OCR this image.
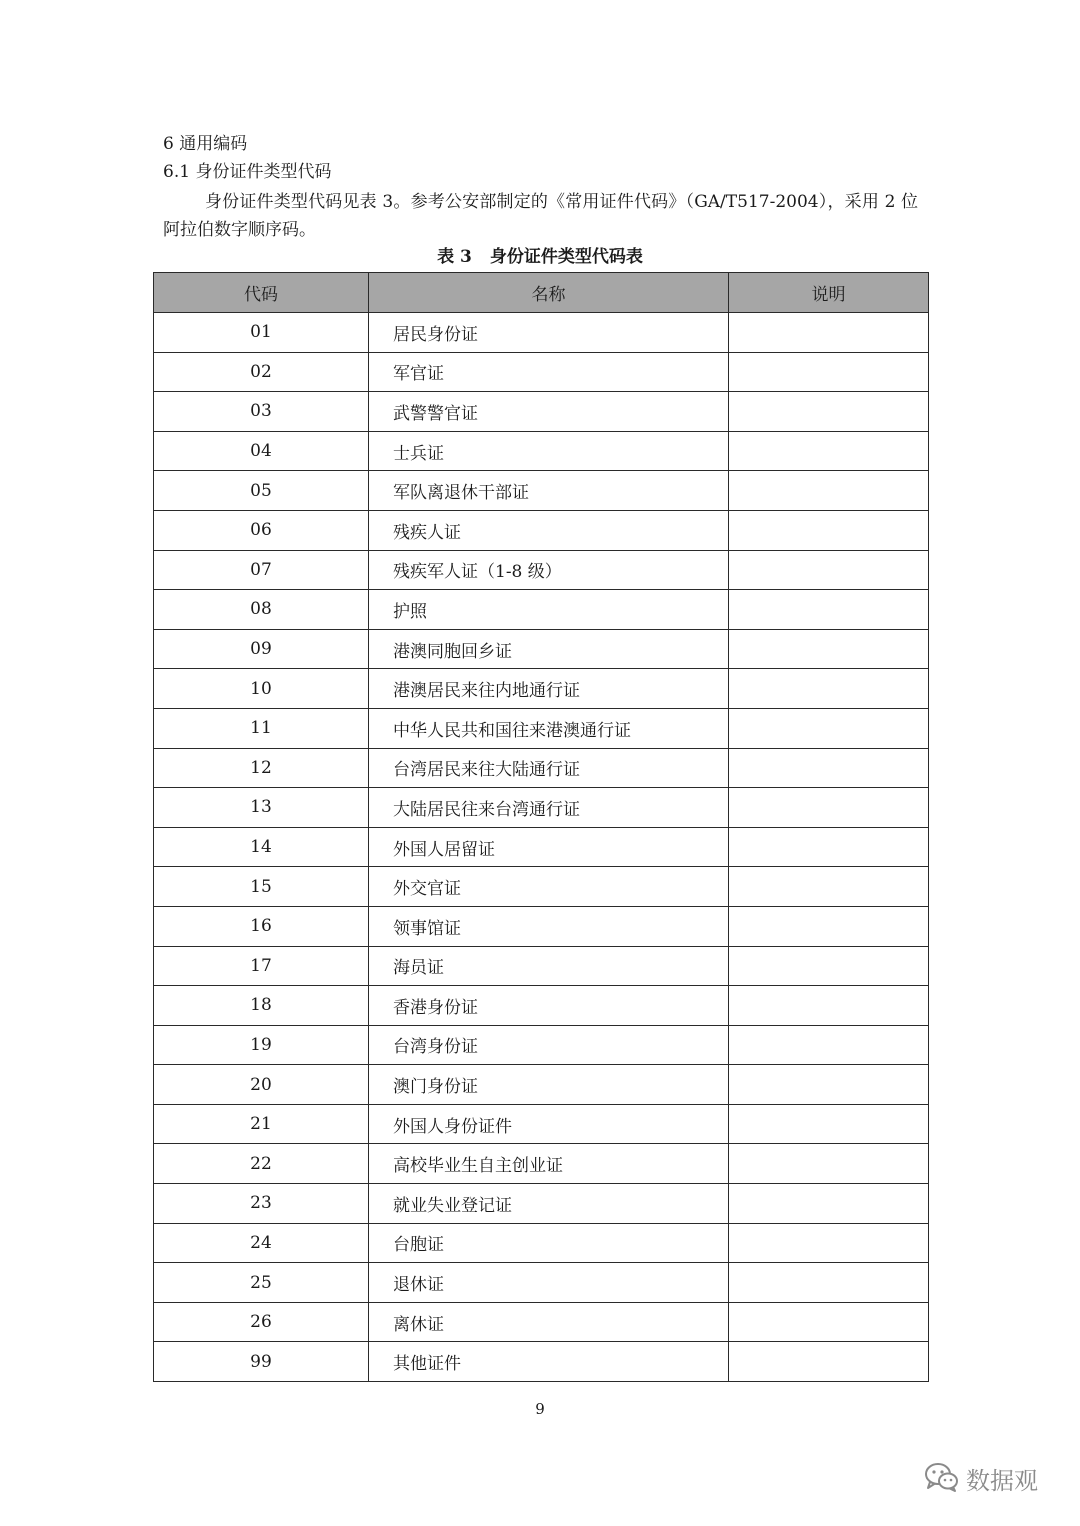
6 通用编码
6.1 身份证件类型代码
身份证件类型代码见表 3。参考公安部制定的《常用证件代码》（GA/T517-2004），采用 2 位阿拉伯数字顺序码。
表 3 身份证件类型代码表
代码	名称	说明
01	居民身份证	
02	军官证	
03	武警警官证	
04	士兵证	
05	军队离退休干部证	
06	残疾人证	
07	残疾军人证（1-8 级）	
08	护照	
09	港澳同胞回乡证	
10	港澳居民来往内地通行证	
11	中华人民共和国往来港澳通行证	
12	台湾居民来往大陆通行证	
13	大陆居民往来台湾通行证	
14	外国人居留证	
15	外交官证	
16	领事馆证	
17	海员证	
18	香港身份证	
19	台湾身份证	
20	澳门身份证	
21	外国人身份证件	
22	高校毕业生自主创业证	
23	就业失业登记证	
24	台胞证	
25	退休证	
26	离休证	
99	其他证件	
9
数据观
